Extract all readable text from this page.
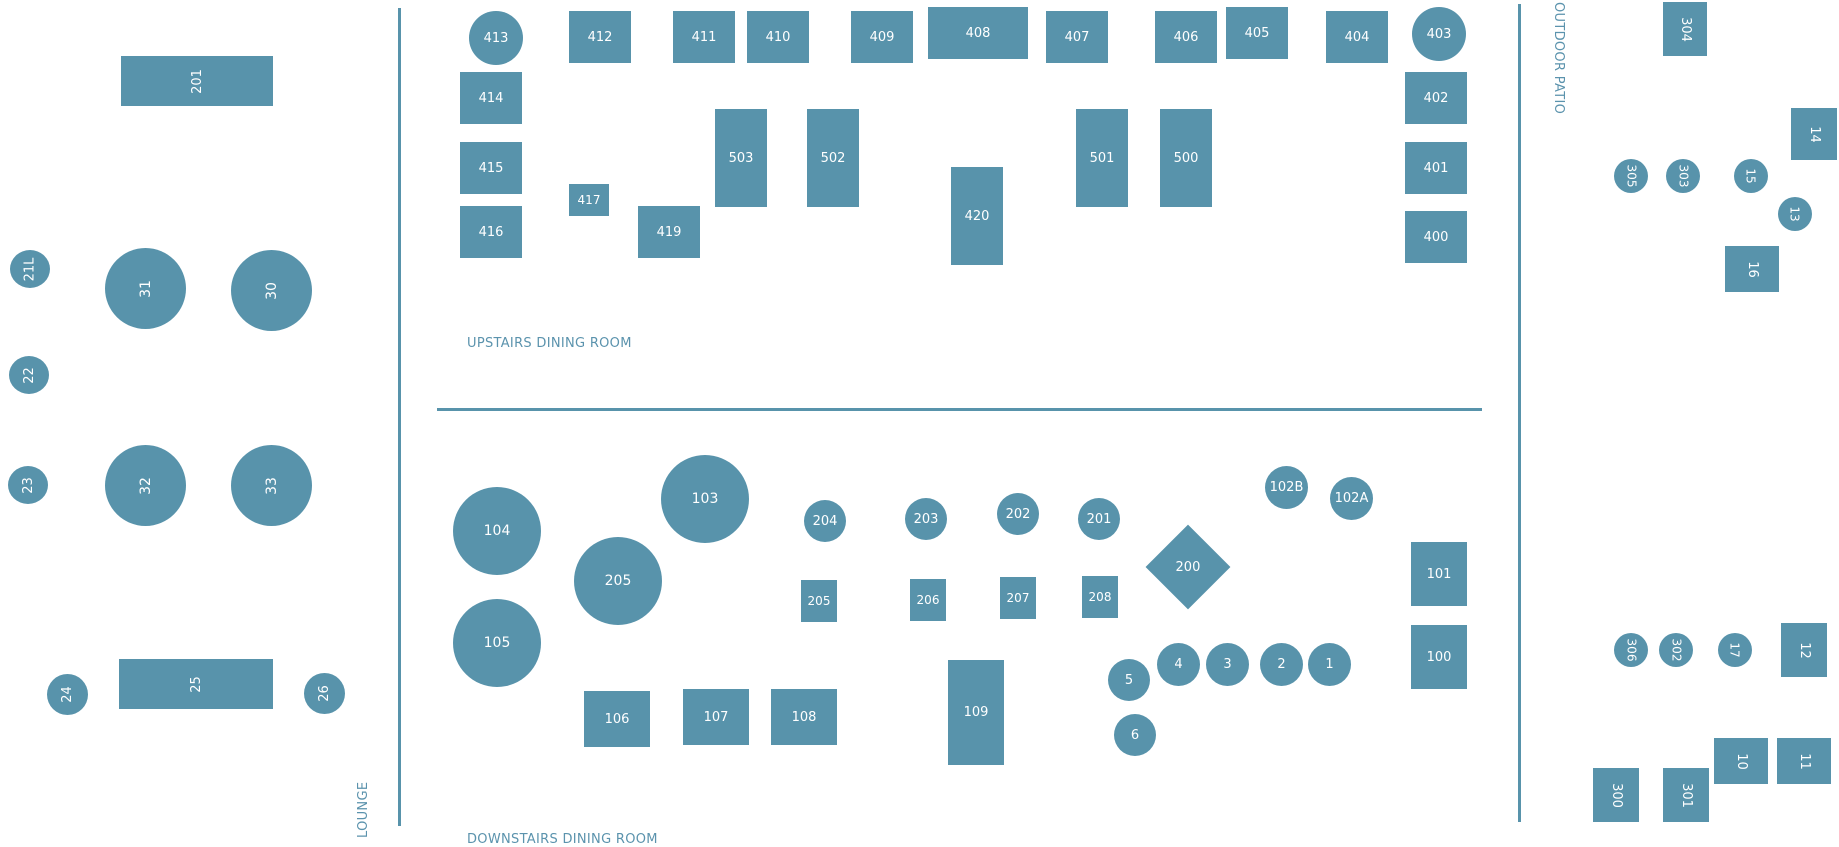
UPSTAIRS DINING ROOM
DOWNSTAIRS DINING ROOM
LOUNGE
OUTDOOR PATIO
201
21L
31	30
22
23	32	33
24
25
26
413	412	411	410	409	408	407	406	405	404	403
414	402
415
503	502	501	500
401
417
420
416	419	400
104
103
205
105
204	203	202	201
102B
102A
200
205	206	207	208
101
100
5
4	3	2	1
6
106	107	108	109
304
14
305	303	15
13
16
306	302	17	12
10	11
300	301
